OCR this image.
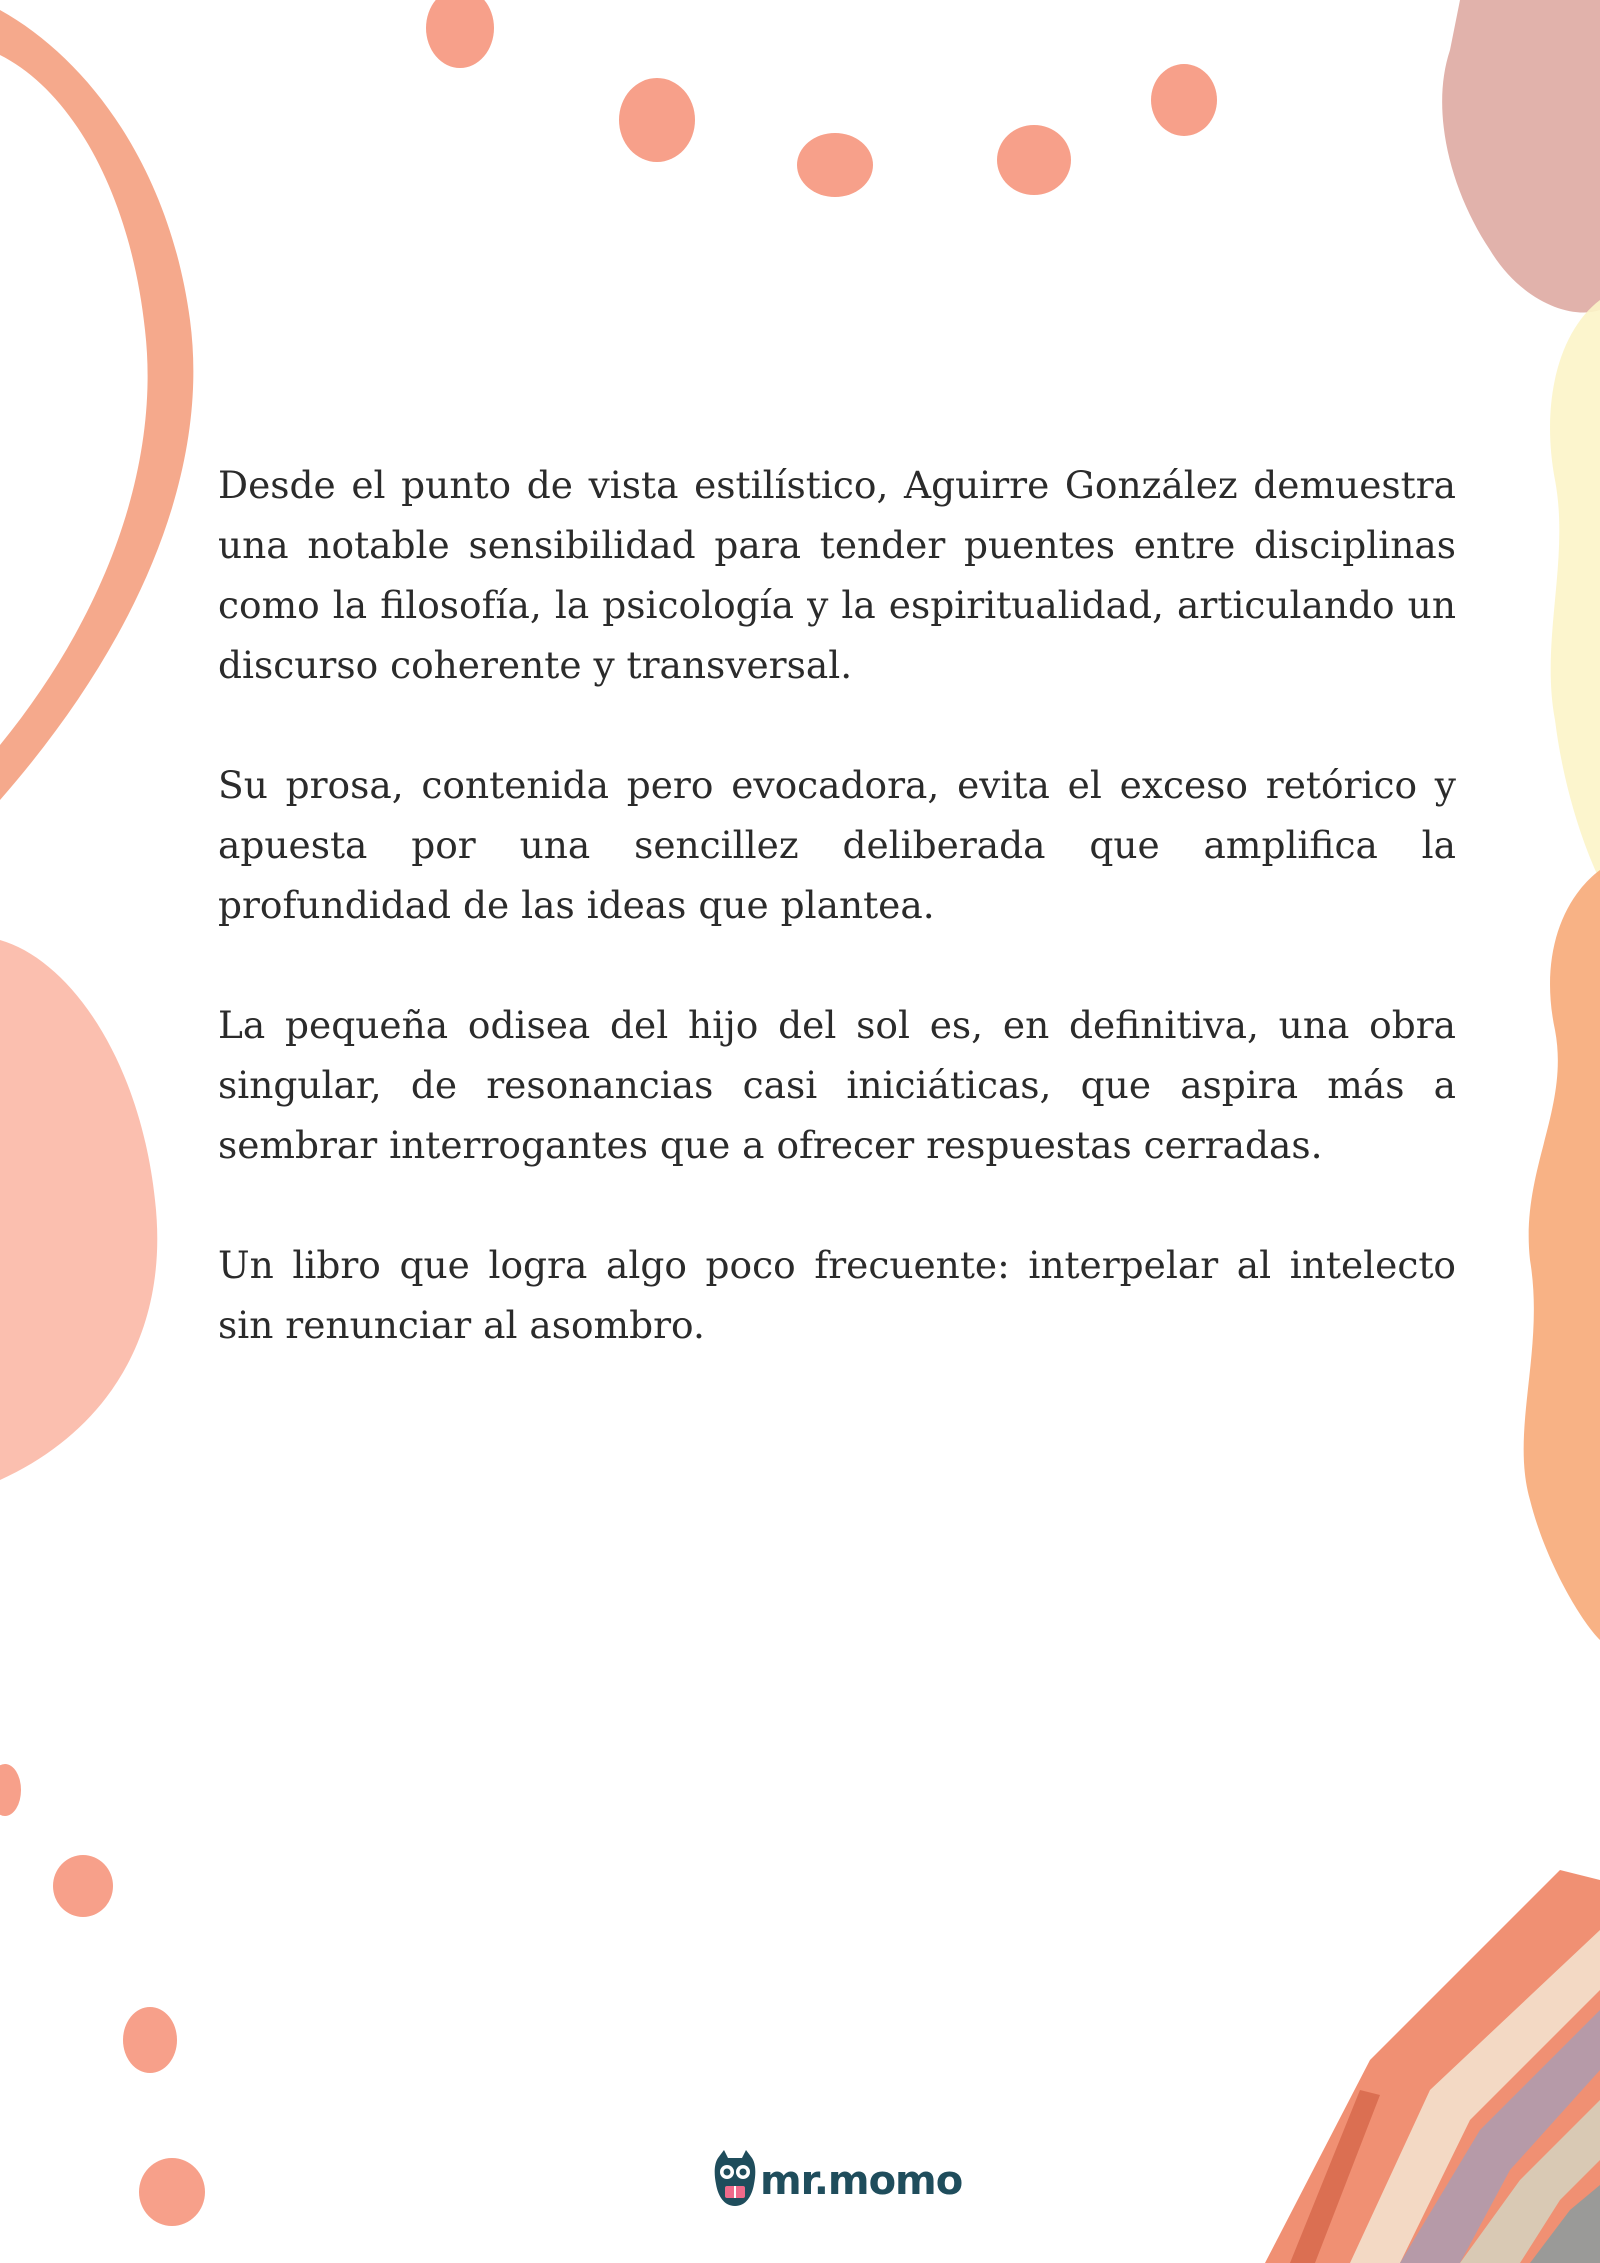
Desde el punto de vista estilístico, Aguirre González demuestra una notable sensibilidad para tender puentes entre disciplinas como la filosofía, la psicología y la espiritualidad, articulando un discurso coherente y transversal.

Su prosa, contenida pero evocadora, evita el exceso retórico y apuesta por una sencillez deliberada que amplifica la profundidad de las ideas que plantea.

La pequeña odisea del hijo del sol es, en definitiva, una obra singular, de resonancias casi iniciáticas, que aspira más a sembrar interrogantes que a ofrecer respuestas cerradas.

Un libro que logra algo poco frecuente: interpelar al intelecto sin renunciar al asombro.

mr.momo
